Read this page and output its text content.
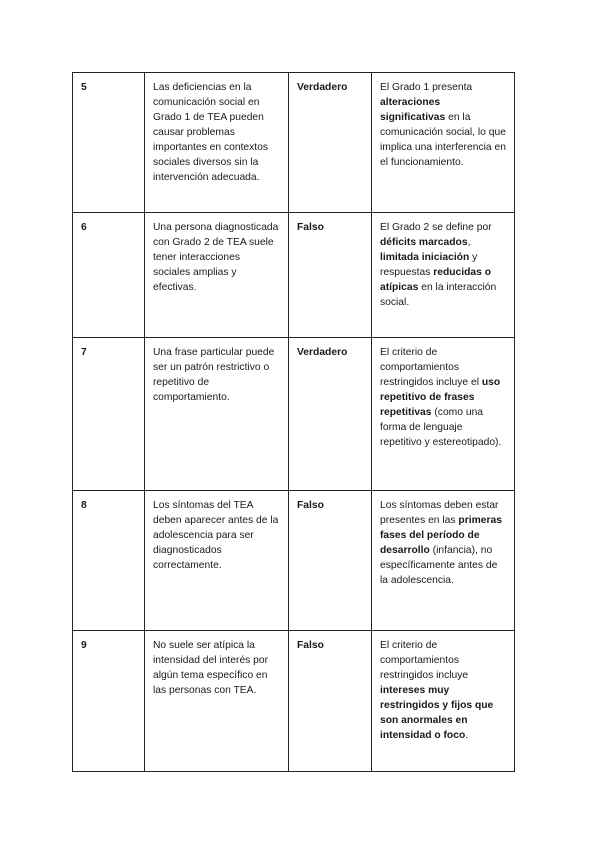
5	Las deficiencias en la comunicación social en Grado 1 de TEA pueden causar problemas importantes en contextos sociales diversos sin la intervención adecuada.	Verdadero	El Grado 1 presenta alteraciones significativas en la comunicación social, lo que implica una interferencia en el funcionamiento.
6	Una persona diagnosticada con Grado 2 de TEA suele tener interacciones sociales amplias y efectivas.	Falso	El Grado 2 se define por déficits marcados, limitada iniciación y respuestas reducidas o atípicas en la interacción social.
7	Una frase particular puede ser un patrón restrictivo o repetitivo de comportamiento.	Verdadero	El criterio de comportamientos restringidos incluye el uso repetitivo de frases repetitivas (como una forma de lenguaje repetitivo y estereotipado).
8	Los síntomas del TEA deben aparecer antes de la adolescencia para ser diagnosticados correctamente.	Falso	Los síntomas deben estar presentes en las primeras fases del período de desarrollo (infancia), no específicamente antes de la adolescencia.
9	No suele ser atípica la intensidad del interés por algún tema específico en las personas con TEA.	Falso	El criterio de comportamientos restringidos incluye intereses muy restringidos y fijos que son anormales en intensidad o foco.
